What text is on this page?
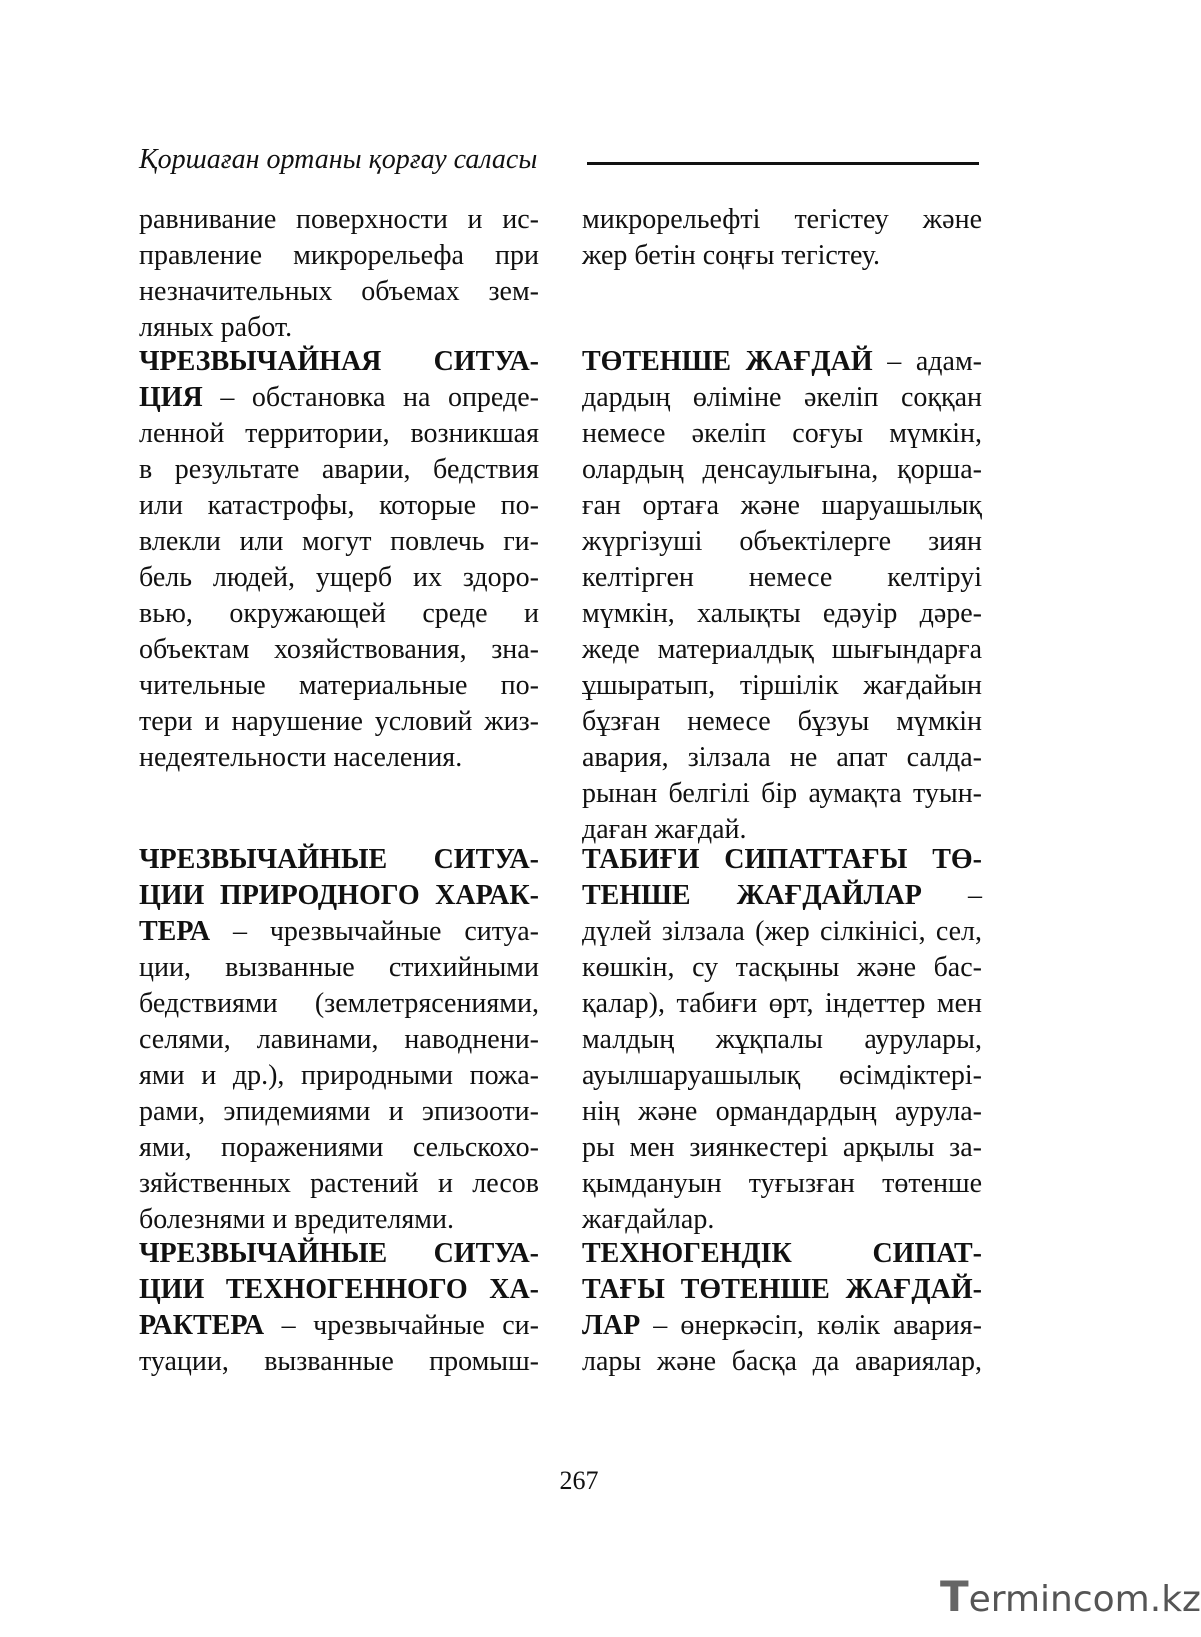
Қоршаған ортаны қорғау саласы
равнивание поверхности и ис-
правление микрорельефа при
незначительных объемах зем-
ляных работ.
ЧРЕЗВЫЧАЙНАЯ СИТУА-
ЦИЯ – обстановка на опреде-
ленной территории, возникшая
в результате аварии, бедствия
или катастрофы, которые по-
влекли или могут повлечь ги-
бель людей, ущерб их здоро-
вью, окружающей среде и
объектам хозяйствования, зна-
чительные материальные по-
тери и нарушение условий жиз-
недеятельности населения.
ЧРЕЗВЫЧАЙНЫЕ СИТУА-
ЦИИ ПРИРОДНОГО ХАРАК-
ТЕРА – чрезвычайные ситуа-
ции, вызванные стихийными
бедствиями (землетрясениями,
селями, лавинами, наводнени-
ями и др.), природными пожа-
рами, эпидемиями и эпизооти-
ями, поражениями сельскохо-
зяйственных растений и лесов
болезнями и вредителями.
ЧРЕЗВЫЧАЙНЫЕ СИТУА-
ЦИИ ТЕХНОГЕННОГО ХА-
РАКТЕРА – чрезвычайные си-
туации, вызванные промыш-
микрорельефті тегістеу және
жер бетін соңғы тегістеу.
ТӨТЕНШЕ ЖАҒДАЙ – адам-
дардың өліміне әкеліп соққан
немесе әкеліп соғуы мүмкін,
олардың денсаулығына, қорша-
ған ортаға және шаруашылық
жүргізуші объектілерге зиян
келтірген немесе келтіруі
мүмкін, халықты едәуір дәре-
жеде материалдық шығындарға
ұшыратып, тіршілік жағдайын
бұзған немесе бұзуы мүмкін
авария, зілзала не апат салда-
рынан белгілі бір аумақта туын-
даған жағдай.
ТАБИҒИ СИПАТТАҒЫ ТӨ-
ТЕНШЕ ЖАҒДАЙЛАР –
дүлей зілзала (жер сілкінісі, сел,
көшкін, су тасқыны және бас-
қалар), табиғи өрт, індеттер мен
малдың жұқпалы аурулары,
ауылшаруашылық өсімдіктері-
нің және ормандардың аурула-
ры мен зиянкестері арқылы за-
қымдануын туғызған төтенше
жағдайлар.
ТЕХНОГЕНДІК СИПАТ-
ТАҒЫ ТӨТЕНШЕ ЖАҒДАЙ-
ЛАР – өнеркәсіп, көлік авария-
лары және басқа да авариялар,
267
Termincom.kz
